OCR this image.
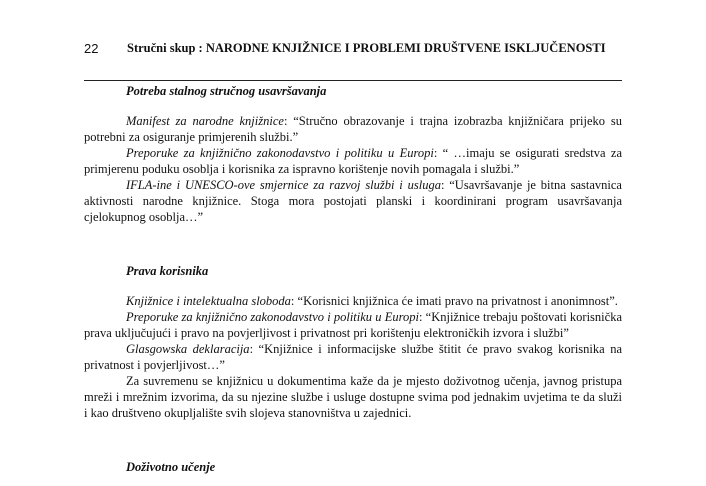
22 Stručni skup : NARODNE KNJIŽNICE I PROBLEMI DRUŠTVENE ISKLJUČENOSTI
Potreba stalnog stručnog usavršavanja

Manifest za narodne knjižnice: “Stručno obrazovanje i trajna izobrazba knjižničara prijeko su potrebni za osiguranje primjerenih službi.”

Preporuke za knjižnično zakonodavstvo i politiku u Europi: “ …imaju se osigurati sredstva za primjerenu poduku osoblja i korisnika za ispravno korištenje novih pomagala i službi.”

IFLA-ine i UNESCO-ove smjernice za razvoj službi i usluga: “Usavršavanje je bitna sastavnica aktivnosti narodne knjižnice. Stoga mora postojati planski i koordinirani program usavršavanja cjelokupnog osoblja…”

Prava korisnika

Knjižnice i intelektualna sloboda: “Korisnici knjižnica će imati pravo na privatnost i anonimnost”.

Preporuke za knjižnično zakonodavstvo i politiku u Europi: “Knjižnice trebaju poštovati korisnička prava uključujući i pravo na povjerljivost i privatnost pri korištenju elektroničkih izvora i službi”

Glasgowska deklaracija: “Knjižnice i informacijske službe štitit će pravo svakog korisnika na privatnost i povjerljivost…”

Za suvremenu se knjižnicu u dokumentima kaže da je mjesto doživotnog učenja, javnog pristupa mreži i mrežnim izvorima, da su njezine službe i usluge dostupne svima pod jednakim uvjetima te da služi i kao društveno okupljalište svih slojeva stanovništva u zajednici.

Doživotno učenje
